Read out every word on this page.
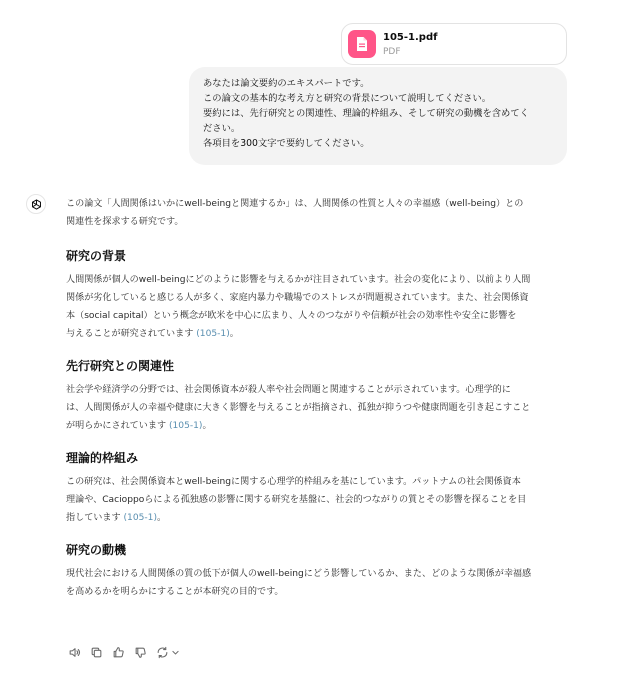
105-1.pdf
PDF
あなたは論文要約のエキスパートです。
この論文の基本的な考え方と研究の背景について説明してください。
要約には、先行研究との関連性、理論的枠組み、そして研究の動機を含めてく
ださい。
各項目を300文字で要約してください。

この論文「人間関係はいかにwell-beingと関連するか」は、人間関係の性質と人々の幸福感（well-being）との
関連性を探求する研究です。

研究の背景

人間関係が個人のwell-beingにどのように影響を与えるかが注目されています。社会の変化により、以前より人間
関係が劣化していると感じる人が多く、家庭内暴力や職場でのストレスが問題視されています。また、社会関係資
本（social capital）という概念が欧米を中心に広まり、人々のつながりや信頼が社会の効率性や安全に影響を
与えることが研究されています (105-1)。

先行研究との関連性

社会学や経済学の分野では、社会関係資本が殺人率や社会問題と関連することが示されています。心理学的に
は、人間関係が人の幸福や健康に大きく影響を与えることが指摘され、孤独が抑うつや健康問題を引き起こすこと
が明らかにされています (105-1)。

理論的枠組み

この研究は、社会関係資本とwell-beingに関する心理学的枠組みを基にしています。パットナムの社会関係資本
理論や、Cacioppoらによる孤独感の影響に関する研究を基盤に、社会的つながりの質とその影響を探ることを目
指しています (105-1)。

研究の動機

現代社会における人間関係の質の低下が個人のwell-beingにどう影響しているか、また、どのような関係が幸福感
を高めるかを明らかにすることが本研究の目的です。
